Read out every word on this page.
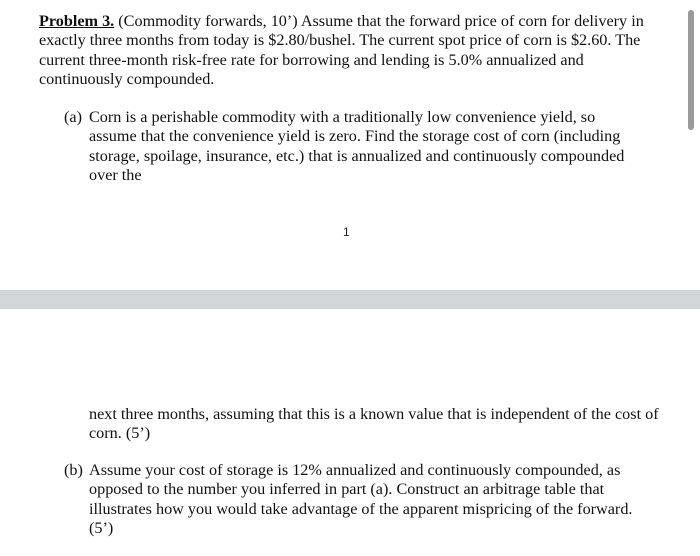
Problem 3. (Commodity forwards, 10’) Assume that the forward price of corn for delivery in exactly three months from today is $2.80/bushel. The current spot price of corn is $2.60. The current three-month risk-free rate for borrowing and lending is 5.0% annualized and continuously compounded.
(a) Corn is a perishable commodity with a traditionally low convenience yield, so assume that the convenience yield is zero. Find the storage cost of corn (including storage, spoilage, insurance, etc.) that is annualized and continuously compounded over the
1
next three months, assuming that this is a known value that is independent of the cost of corn. (5’)
(b) Assume your cost of storage is 12% annualized and continuously compounded, as opposed to the number you inferred in part (a). Construct an arbitrage table that illustrates how you would take advantage of the apparent mispricing of the forward. (5’)
